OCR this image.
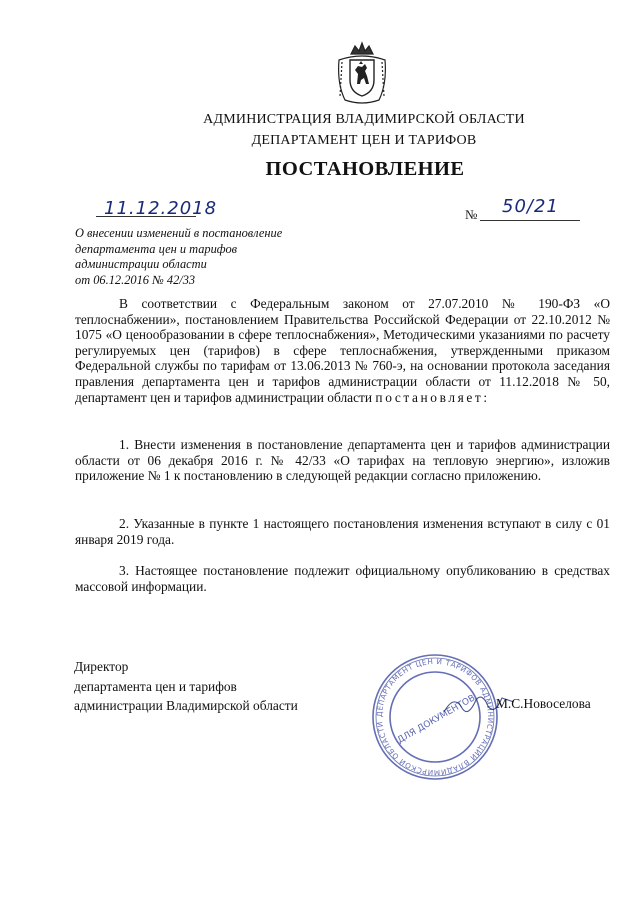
АДМИНИСТРАЦИЯ ВЛАДИМИРСКОЙ ОБЛАСТИ
ДЕПАРТАМЕНТ ЦЕН И ТАРИФОВ
ПОСТАНОВЛЕНИЕ
11.12.2018	№ 50/21
О внесении изменений в постановление
департамента цен и тарифов
администрации области
от 06.12.2016 № 42/33

В соответствии с Федеральным законом от 27.07.2010 № 190-ФЗ «О теплоснабжении», постановлением Правительства Российской Федерации от 22.10.2012 № 1075 «О ценообразовании в сфере теплоснабжения», Методическими указаниями по расчету регулируемых цен (тарифов) в сфере теплоснабжения, утвержденными приказом Федеральной службы по тарифам от 13.06.2013 № 760-э, на основании протокола заседания правления департамента цен и тарифов администрации области от 11.12.2018 № 50, департамент цен и тарифов администрации области постановляет:

1. Внести изменения в постановление департамента цен и тарифов администрации области от 06 декабря 2016 г. № 42/33 «О тарифах на тепловую энергию», изложив приложение № 1 к постановлению в следующей редакции согласно приложению.

2. Указанные в пункте 1 настоящего постановления изменения вступают в силу с 01 января 2019 года.

3. Настоящее постановление подлежит официальному опубликованию в средствах массовой информации.

Директор
департамента цен и тарифов
администрации Владимирской области
ДЕПАРТАМЕНТ ЦЕН И ТАРИФОВ АДМИНИСТРАЦИИ ВЛАДИМИРСКОЙ ОБЛАСТИ	ДЛЯ ДОКУМЕНТОВ М.С.Новоселова
